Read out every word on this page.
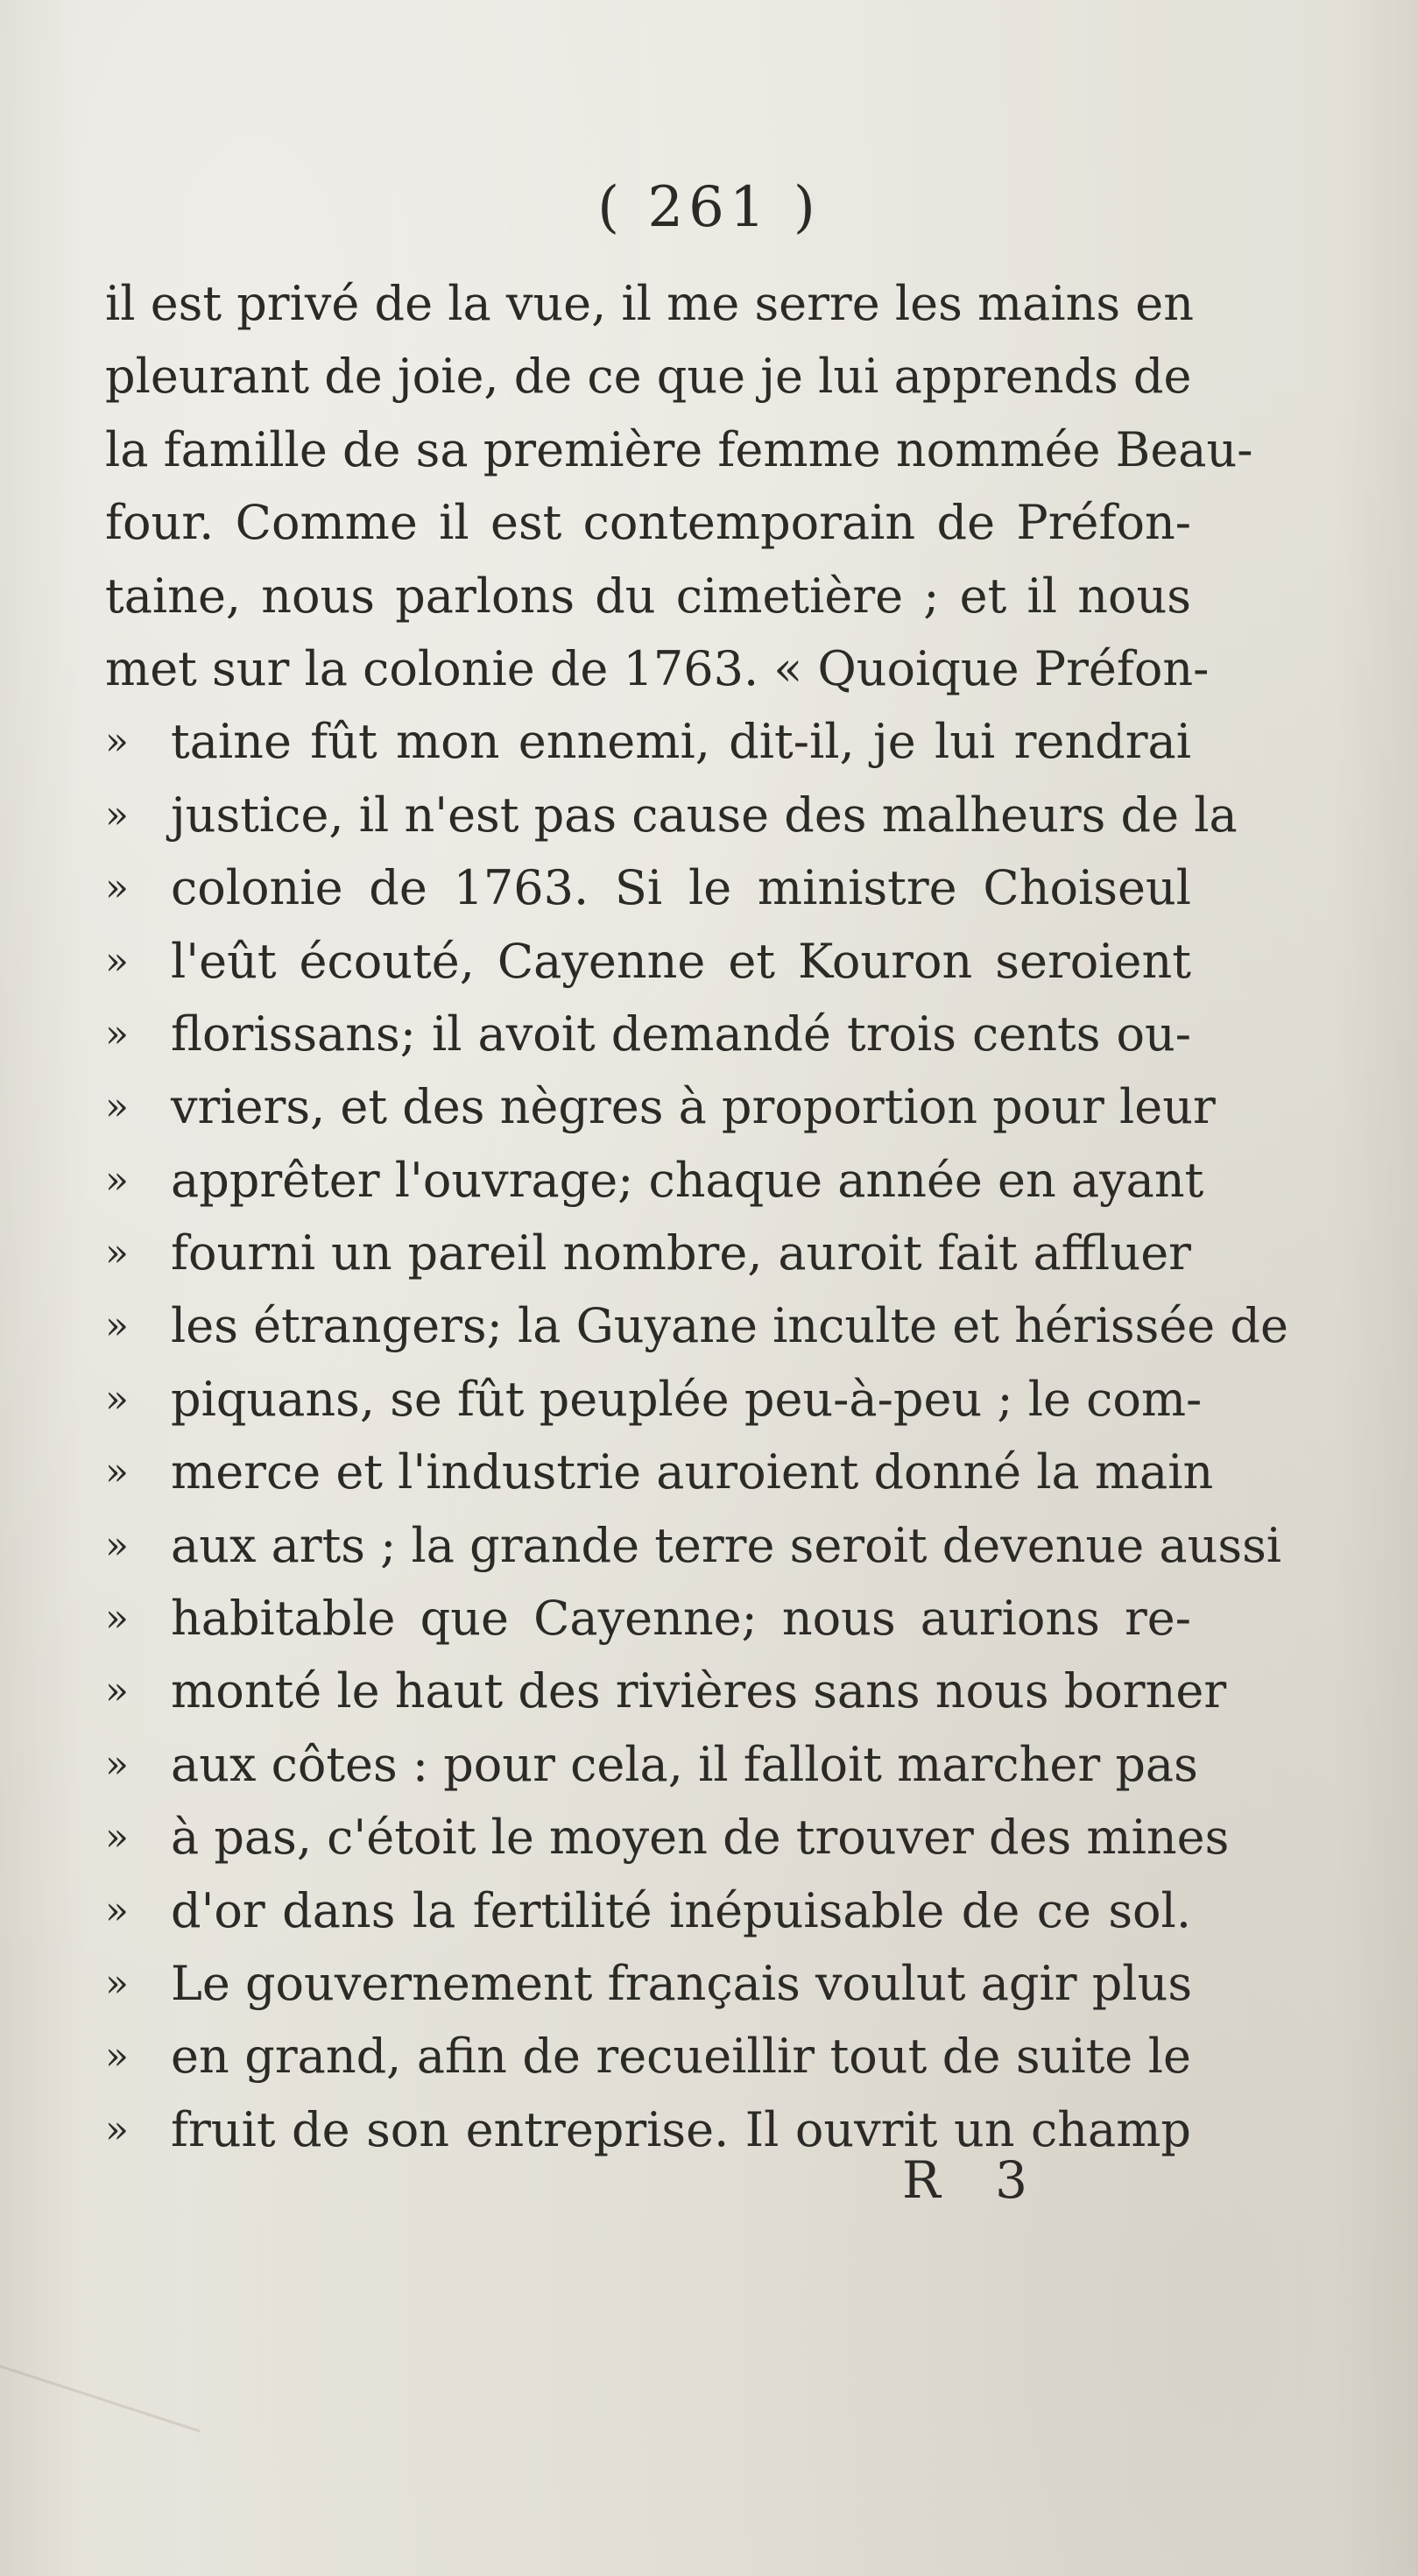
( 261 )
il est privé de la vue, il me serre les mains en
pleurant de joie, de ce que je lui apprends de
la famille de sa première femme nommée Beau-
four. Comme il est contemporain de Préfon-
taine, nous parlons du cimetière ; et il nous
met sur la colonie de 1763. « Quoique Préfon-
» taine fût mon ennemi, dit-il, je lui rendrai
» justice, il n'est pas cause des malheurs de la
» colonie de 1763. Si le ministre Choiseul
» l'eût écouté, Cayenne et Kouron seroient
» florissans; il avoit demandé trois cents ou-
» vriers, et des nègres à proportion pour leur
» apprêter l'ouvrage; chaque année en ayant
» fourni un pareil nombre, auroit fait affluer
» les étrangers; la Guyane inculte et hérissée de
» piquans, se fût peuplée peu-à-peu ; le com-
» merce et l'industrie auroient donné la main
» aux arts ; la grande terre seroit devenue aussi
» habitable que Cayenne; nous aurions re-
» monté le haut des rivières sans nous borner
» aux côtes : pour cela, il falloit marcher pas
» à pas, c'étoit le moyen de trouver des mines
» d'or dans la fertilité inépuisable de ce sol.
» Le gouvernement français voulut agir plus
» en grand, afin de recueillir tout de suite le
» fruit de son entreprise. Il ouvrit un champ
R 3
